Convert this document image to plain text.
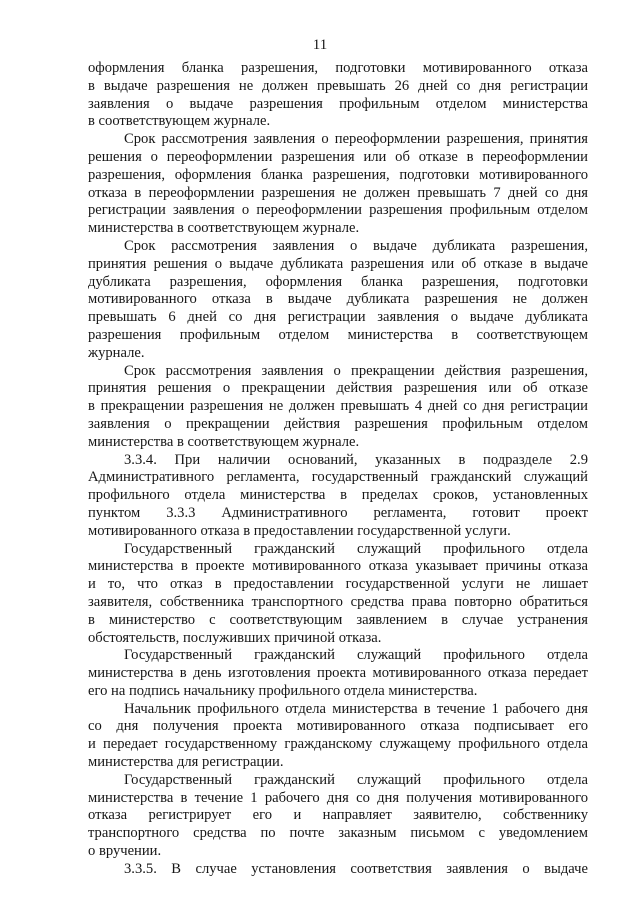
11
оформления бланка разрешения, подготовки мотивированного отказа
в выдаче разрешения не должен превышать 26 дней со дня регистрации
заявления о выдаче разрешения профильным отделом министерства
в соответствующем журнале.
Срок рассмотрения заявления о переоформлении разрешения, принятия
решения о переоформлении разрешения или об отказе в переоформлении
разрешения, оформления бланка разрешения, подготовки мотивированного
отказа в переоформлении разрешения не должен превышать 7 дней со дня
регистрации заявления о переоформлении разрешения профильным отделом
министерства в соответствующем журнале.
Срок рассмотрения заявления о выдаче дубликата разрешения,
принятия решения о выдаче дубликата разрешения или об отказе в выдаче
дубликата разрешения, оформления бланка разрешения, подготовки
мотивированного отказа в выдаче дубликата разрешения не должен
превышать 6 дней со дня регистрации заявления о выдаче дубликата
разрешения профильным отделом министерства в соответствующем
журнале.
Срок рассмотрения заявления о прекращении действия разрешения,
принятия решения о прекращении действия разрешения или об отказе
в прекращении разрешения не должен превышать 4 дней со дня регистрации
заявления о прекращении действия разрешения профильным отделом
министерства в соответствующем журнале.
3.3.4. При наличии оснований, указанных в подразделе 2.9
Административного регламента, государственный гражданский служащий
профильного отдела министерства в пределах сроков, установленных
пунктом 3.3.3 Административного регламента, готовит проект
мотивированного отказа в предоставлении государственной услуги.
Государственный гражданский служащий профильного отдела
министерства в проекте мотивированного отказа указывает причины отказа
и то, что отказ в предоставлении государственной услуги не лишает
заявителя, собственника транспортного средства права повторно обратиться
в министерство с соответствующим заявлением в случае устранения
обстоятельств, послуживших причиной отказа.
Государственный гражданский служащий профильного отдела
министерства в день изготовления проекта мотивированного отказа передает
его на подпись начальнику профильного отдела министерства.
Начальник профильного отдела министерства в течение 1 рабочего дня
со дня получения проекта мотивированного отказа подписывает его
и передает государственному гражданскому служащему профильного отдела
министерства для регистрации.
Государственный гражданский служащий профильного отдела
министерства в течение 1 рабочего дня со дня получения мотивированного
отказа регистрирует его и направляет заявителю, собственнику
транспортного средства по почте заказным письмом с уведомлением
о вручении.
3.3.5. В случае установления соответствия заявления о выдаче
